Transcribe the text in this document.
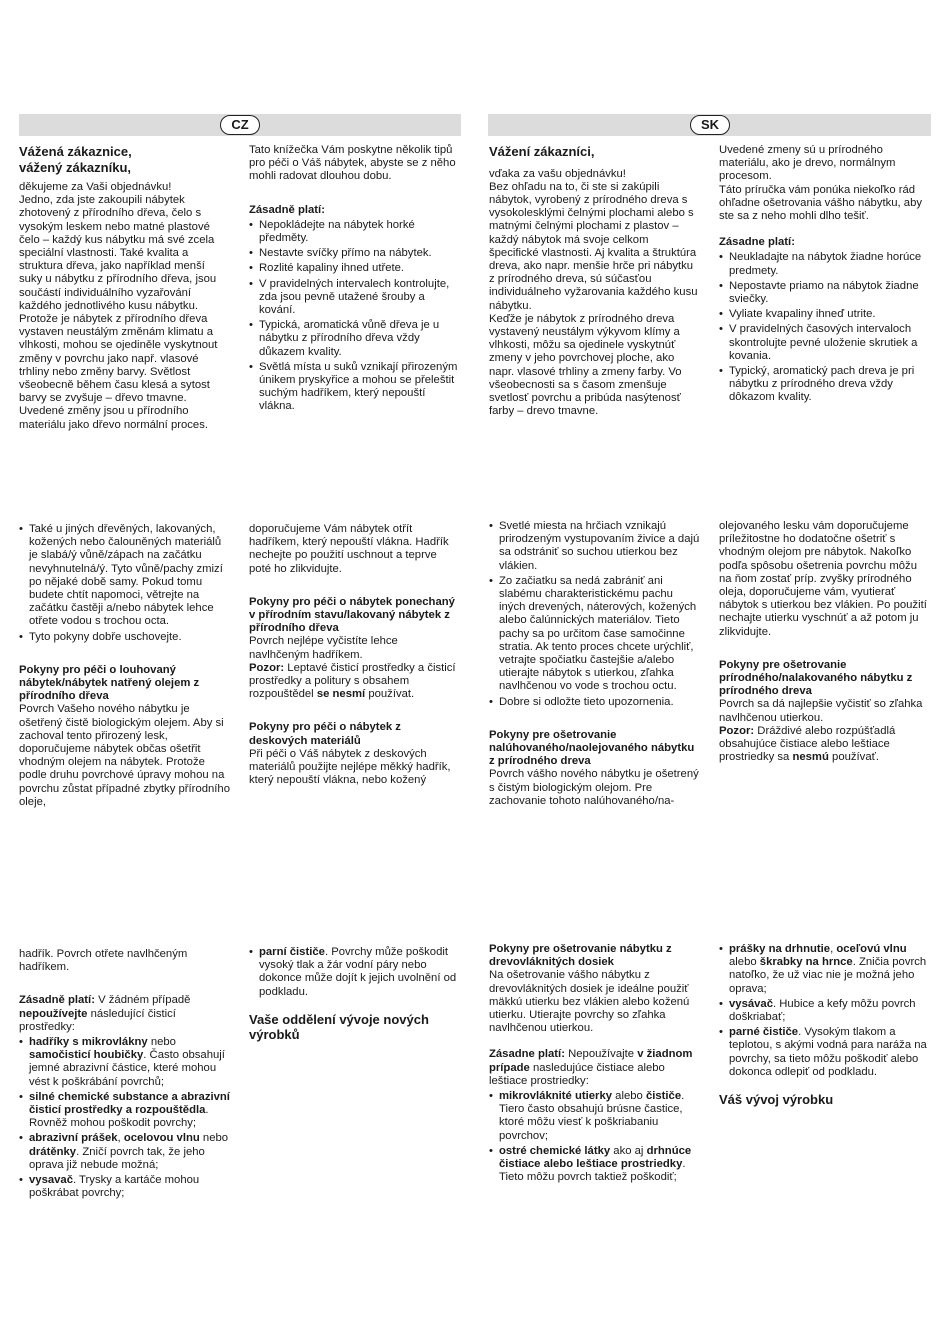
CZ	SK

Vážená zákaznice,

vážený zákazníku,

děkujeme za Vaši objednávku!

Jedno, zda jste zakoupili nábytek zhotovený z přírodního dřeva, čelo s vysokým leskem nebo matné plastové čelo – každý kus nábytku má své zcela speciální vlastnosti. Také kvalita a struktura dřeva, jako například menší suky u nábytku z přírodního dřeva, jsou součástí individuálního vyzařování každého jednotlivého kusu nábytku.

Protože je nábytek z přírodního dřeva vystaven neustálým změnám klimatu a vlhkosti, mohou se ojediněle vyskytnout změny v povrchu jako např. vlasové trhliny nebo změny barvy. Světlost všeobecně během času klesá a sytost barvy se zvyšuje – dřevo tmavne.

Uvedené změny jsou u přírodního materiálu jako dřevo normální proces.

Tato knížečka Vám poskytne několik tipů pro péči o Váš nábytek, abyste se z něho mohli radovat dlouhou dobu.

Zásadně platí:

• Nepokládejte na nábytek horké předměty.
• Nestavte svíčky přímo na nábytek.
• Rozlité kapaliny ihned utřete.
• V pravidelných intervalech kontrolujte, zda jsou pevně utažené šrouby a kování.
• Typická, aromatická vůně dřeva je u nábytku z přírodního dřeva vždy důkazem kvality.
• Světlá místa u suků vznikají přirozeným únikem pryskyřice a mohou se přeleštit suchým hadříkem, který nepouští vlákna.

Vážení zákazníci,

vďaka za vašu objednávku!

Bez ohľadu na to, či ste si zakúpili nábytok, vyrobený z prírodného dreva s vysokolesklými čelnými plochami alebo s matnými čelnými plochami z plastov – každý nábytok má svoje celkom špecifické vlastnosti. Aj kvalita a štruktúra dreva, ako napr. menšie hrče pri nábytku z prírodného dreva, sú súčasťou individuálneho vyžarovania každého kusu nábytku.

Keďže je nábytok z prírodného dreva vystavený neustálym výkyvom klímy a vlhkosti, môžu sa ojedinele vyskytnúť zmeny v jeho povrchovej ploche, ako napr. vlasové trhliny a zmeny farby. Vo všeobecnosti sa s časom zmenšuje svetlosť povrchu a pribúda nasýtenosť farby – drevo tmavne.

Uvedené zmeny sú u prírodného materiálu, ako je drevo, normálnym procesom.

Táto príručka vám ponúka niekoľko rád ohľadne ošetrovania vášho nábytku, aby ste sa z neho mohli dlho tešiť.

Zásadne platí:

• Neukladajte na nábytok žiadne horúce predmety.
• Nepostavte priamo na nábytok žiadne sviečky.
• Vyliate kvapaliny ihneď utrite.
• V pravidelných časových intervaloch skontrolujte pevné uloženie skrutiek a kovania.
• Typický, aromatický pach dreva je pri nábytku z prírodného dreva vždy dôkazom kvality.
• Také u jiných dřevěných, lakovaných, kožených nebo čalouněných materiálů je slabá/ý vůně/zápach na začátku nevyhnutelná/ý. Tyto vůně/pachy zmizí po nějaké době samy. Pokud tomu budete chtít napomoci, větrejte na začátku častěji a/nebo nábytek lehce otřete vodou s trochou octa.
• Tyto pokyny dobře uschovejte.

Pokyny pro péči o louhovaný nábytek/nábytek natřený olejem z přírodního dřeva

Povrch Vašeho nového nábytku je ošetřený čistě biologickým olejem. Aby si zachoval tento přirozený lesk, doporučujeme nábytek občas ošetřit vhodným olejem na nábytek. Protože podle druhu povrchové úpravy mohou na povrchu zůstat případné zbytky přírodního oleje,

doporučujeme Vám nábytek otřít hadříkem, který nepouští vlákna. Hadřík nechejte po použití uschnout a teprve poté ho zlikvidujte.

Pokyny pro péči o nábytek ponechaný v přírodním stavu/lakovaný nábytek z přírodního dřeva

Povrch nejlépe vyčistíte lehce navlhčeným hadříkem.

Pozor: Leptavé čisticí prostředky a čisticí prostředky a politury s obsahem rozpouštědel se nesmí používat.

Pokyny pro péči o nábytek z deskových materiálů

Při péči o Váš nábytek z deskových materiálů použijte nejlépe měkký hadřík, který nepouští vlákna, nebo kožený

• Svetlé miesta na hrčiach vznikajú prirodzeným vystupovaním živice a dajú sa odstrániť so suchou utierkou bez vlákien.
• Zo začiatku sa nedá zabrániť ani slabému charakteristickému pachu iných drevených, náterových, kožených alebo čalúnnických materiálov. Tieto pachy sa po určitom čase samočinne stratia. Ak tento proces chcete urýchliť, vetrajte spočiatku častejšie a/alebo utierajte nábytok s utierkou, zľahka navlhčenou vo vode s trochou octu.
• Dobre si odložte tieto upozornenia.

Pokyny pre ošetrovanie nalúhovaného/naolejovaného nábytku z prírodného dreva

Povrch vášho nového nábytku je ošetrený s čistým biologickým olejom. Pre zachovanie tohoto nalúhovaného/na-

olejovaného lesku vám doporučujeme príležitostne ho dodatočne ošetriť s vhodným olejom pre nábytok. Nakoľko podľa spôsobu ošetrenia povrchu môžu na ňom zostať príp. zvyšky prírodného oleja, doporučujeme vám, vyutierať nábytok s utierkou bez vlákien. Po použití nechajte utierku vyschnúť a až potom ju zlikvidujte.

Pokyny pre ošetrovanie prírodného/nalakovaného nábytku z prírodného dreva

Povrch sa dá najlepšie vyčistiť so zľahka navlhčenou utierkou.

Pozor: Dráždivé alebo rozpúšťadlá obsahujúce čistiace alebo leštiace prostriedky sa nesmú používať.

hadřík. Povrch otřete navlhčeným hadříkem.

Zásadně platí: V žádném případě nepoužívejte následující čisticí prostředky:

• hadříky s mikrovlákny nebo samočisticí houbičky. Často obsahují jemné abrazivní částice, které mohou vést k poškrábání povrchů;
• silné chemické substance a abrazivní čisticí prostředky a rozpouštědla. Rovněž mohou poškodit povrchy;
• abrazivní prášek, ocelovou vlnu nebo drátěnky. Zničí povrch tak, že jeho oprava již nebude možná;
• vysavač. Trysky a kartáče mohou poškrábat povrchy;
• parní čističe. Povrchy může poškodit vysoký tlak a žár vodní páry nebo dokonce může dojít k jejich uvolnění od podkladu.

Vaše oddělení vývoje nových výrobků

Pokyny pre ošetrovanie nábytku z drevovláknitých dosiek

Na ošetrovanie vášho nábytku z drevovláknitých dosiek je ideálne použiť mäkkú utierku bez vlákien alebo koženú utierku. Utierajte povrchy so zľahka navlhčenou utierkou.

Zásadne platí: Nepoužívajte v žiadnom prípade nasledujúce čistiace alebo leštiace prostriedky:

• mikrovláknité utierky alebo čističe. Tiero často obsahujú brúsne častice, ktoré môžu viesť k poškriabaniu povrchov;
• ostré chemické látky ako aj drhnúce čistiace alebo leštiace prostriedky. Tieto môžu povrch taktiež poškodiť;
• prášky na drhnutie, oceľovú vlnu alebo škrabky na hrnce. Zničia povrch natoľko, že už viac nie je možná jeho oprava;
• vysávač. Hubice a kefy môžu povrch doškriabať;
• parné čističe. Vysokým tlakom a teplotou, s akými vodná para naráža na povrchy, sa tieto môžu poškodiť alebo dokonca odlepiť od podkladu.

Váš vývoj výrobku
